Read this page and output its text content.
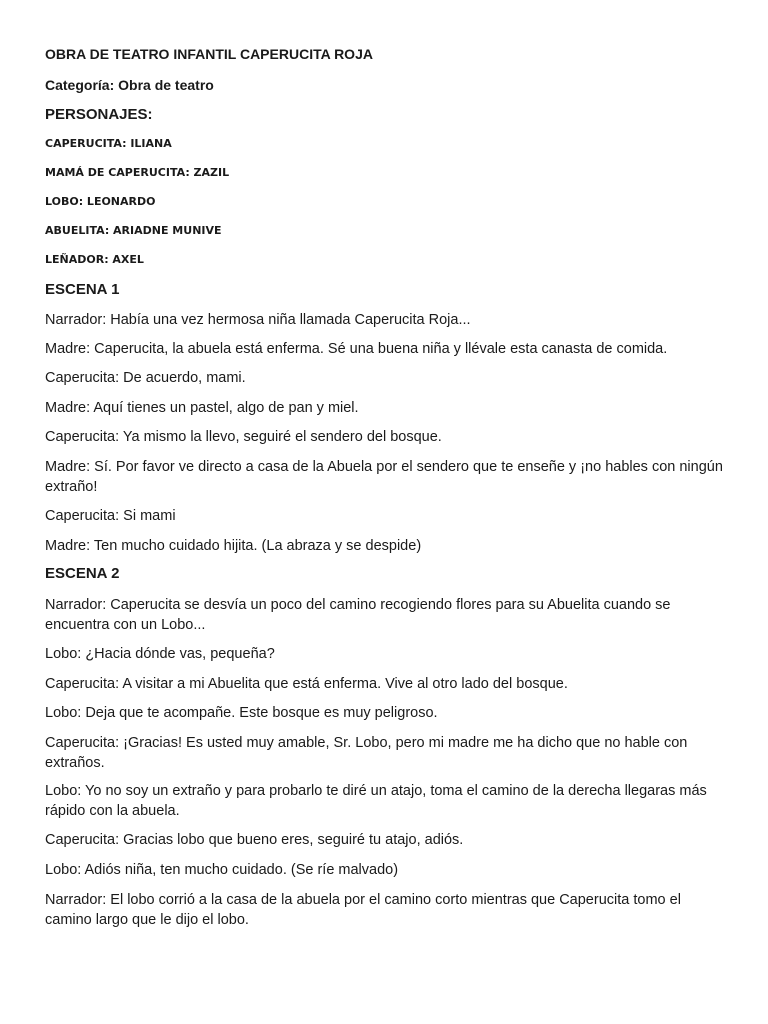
OBRA DE TEATRO INFANTIL CAPERUCITA ROJA

Categoría: Obra de teatro

PERSONAJES:

CAPERUCITA: ILIANA

MAMÁ DE CAPERUCITA: ZAZIL

LOBO: LEONARDO

ABUELITA: ARIADNE MUNIVE

LEÑADOR: AXEL

ESCENA 1

Narrador: Había una vez hermosa niña llamada Caperucita Roja...

Madre: Caperucita, la abuela está enferma. Sé una buena niña y llévale esta canasta de comida.

Caperucita: De acuerdo, mami.

Madre: Aquí tienes un pastel, algo de pan y miel.

Caperucita: Ya mismo la llevo, seguiré el sendero del bosque.

Madre: Sí. Por favor ve directo a casa de la Abuela por el sendero que te enseñe y ¡no hables con ningún extraño!

Caperucita: Si mami

Madre: Ten mucho cuidado hijita. (La abraza y se despide)

ESCENA 2

Narrador: Caperucita se desvía un poco del camino recogiendo flores para su Abuelita cuando se encuentra con un Lobo...

Lobo: ¿Hacia dónde vas, pequeña?

Caperucita: A visitar a mi Abuelita que está enferma. Vive al otro lado del bosque.

Lobo: Deja que te acompañe. Este bosque es muy peligroso.

Caperucita: ¡Gracias! Es usted muy amable, Sr. Lobo, pero mi madre me ha dicho que no hable con extraños.

Lobo: Yo no soy un extraño y para probarlo te diré un atajo, toma el camino de la derecha llegaras más rápido con la abuela.

Caperucita: Gracias lobo que bueno eres, seguiré tu atajo, adiós.

Lobo: Adiós niña, ten mucho cuidado. (Se ríe malvado)

Narrador: El lobo corrió a la casa de la abuela por el camino corto mientras que Caperucita tomo el camino largo que le dijo el lobo.
